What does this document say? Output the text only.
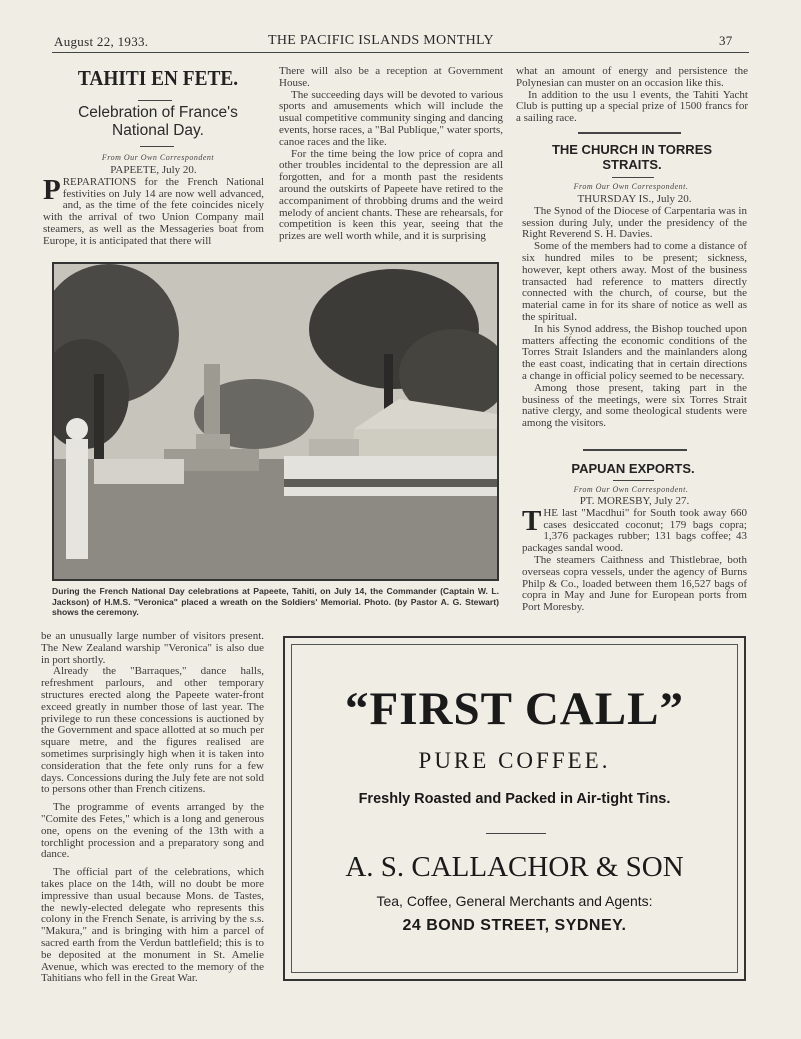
August 22, 1933.	THE PACIFIC ISLANDS MONTHLY	37
TAHITI EN FETE.
Celebration of France's National Day.
From Our Own Correspondent
PAPEETE, July 20.
P REPARATIONS for the French National festivities on July 14 are now well advanced, and, as the time of the fete coincides nicely with the arrival of two Union Company mail steamers, as well as the Messageries boat from Europe, it is anticipated that there will

There will also be a reception at Government House.

The succeeding days will be devoted to various sports and amusements which will include the usual competitive community singing and dancing events, horse races, a "Bal Publique," water sports, canoe races and the like.

For the time being the low price of copra and other troubles incidental to the depression are all forgotten, and for a month past the residents around the outskirts of Papeete have retired to the accompaniment of throbbing drums and the weird melody of ancient chants. These are rehearsals, for competition is keen this year, seeing that the prizes are well worth while, and it is surprising

what an amount of energy and persistence the Polynesian can muster on an occasion like this.

In addition to the usu l events, the Tahiti Yacht Club is putting up a special prize of 1500 francs for a sailing race.

THE CHURCH IN TORRES STRAITS.
From Our Own Correspondent.
THURSDAY IS., July 20.

The Synod of the Diocese of Carpentaria was in session during July, under the presidency of the Right Reverend S. H. Davies.

Some of the members had to come a distance of six hundred miles to be present; sickness, however, kept others away. Most of the business transacted had reference to matters directly connected with the church, of course, but the material came in for its share of notice as well as the spiritual.

In his Synod address, the Bishop touched upon matters affecting the economic conditions of the Torres Strait Islanders and the mainlanders along the east coast, indicating that in certain directions a change in official policy seemed to be necessary.

Among those present, taking part in the business of the meetings, were six Torres Strait native clergy, and some theological students were among the visitors.

PAPUAN EXPORTS.
From Our Own Correspondent.
PT. MORESBY, July 27.
T HE last "Macdhui" for South took away 660 cases desiccated coconut; 179 bags copra; 1,376 packages rubber; 131 bags coffee; 43 packages sandal wood.

The steamers Caithness and Thistlebrae, both overseas copra vessels, under the agency of Burns Philp & Co., loaded between them 16,527 bags of copra in May and June for European ports from Port Moresby.

During the French National Day celebrations at Papeete, Tahiti, on July 14, the Commander (Captain W. L. Jackson) of H.M.S. "Veronica" placed a wreath on the Soldiers' Memorial. Photo. (by Pastor A. G. Stewart) shows the ceremony.

be an unusually large number of visitors present. The New Zealand warship "Veronica" is also due in port shortly.

Already the "Barraques," dance halls, refreshment parlours, and other temporary structures erected along the Papeete water-front exceed greatly in number those of last year. The privilege to run these concessions is auctioned by the Government and space allotted at so much per square metre, and the figures realised are sometimes surprisingly high when it is taken into consideration that the fete only runs for a few days. Concessions during the July fete are not sold to persons other than French citizens.

The programme of events arranged by the "Comite des Fetes," which is a long and generous one, opens on the evening of the 13th with a torchlight procession and a preparatory song and dance.

The official part of the celebrations, which takes place on the 14th, will no doubt be more impressive than usual because Mons. de Tastes, the newly-elected delegate who represents this colony in the French Senate, is arriving by the s.s. "Makura," and is bringing with him a parcel of sacred earth from the Verdun battlefield; this is to be deposited at the monument in St. Amelie Avenue, which was erected to the memory of the Tahitians who fell in the Great War.

“FIRST CALL”
PURE COFFEE.
Freshly Roasted and Packed in Air-tight Tins.
A. S. CALLACHOR & SON
Tea, Coffee, General Merchants and Agents:
24 BOND STREET, SYDNEY.
